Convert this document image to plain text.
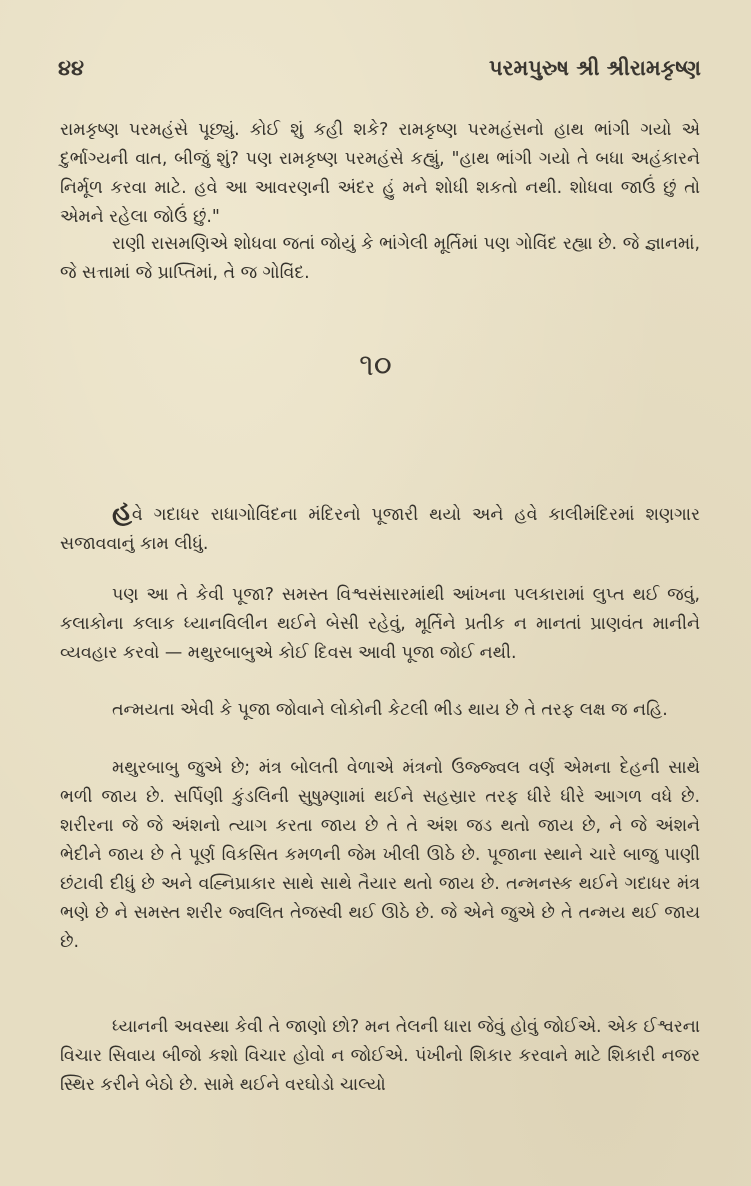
૪૪	પરમપુરુષ શ્રી શ્રીરામકૃષ્ણ

રામકૃષ્ણ પરમહંસે પૂછ્યું. કોઈ શું કહી શકે? રામકૃષ્ણ પરમહંસનો હાથ ભાંગી ગયો એ દુર્ભાગ્યની વાત, બીજું શું? પણ રામકૃષ્ણ પરમહંસે કહ્યું, "હાથ ભાંગી ગયો તે બધા અહંકારને નિર્મૂળ કરવા માટે. હવે આ આવરણની અંદર હું મને શોધી શકતો નથી. શોધવા જાઉં છું તો એમને રહેલા જોઉં છું."

રાણી રાસમણિએ શોધવા જતાં જોયું કે ભાંગેલી મૂર્તિમાં પણ ગોવિંદ રહ્યા છે. જે જ્ઞાનમાં, જે સત્તામાં જે પ્રાપ્તિમાં, તે જ ગોવિંદ.

૧૦

હવે ગદાધર રાધાગોવિંદના મંદિરનો પૂજારી થયો અને હવે કાલીમંદિરમાં શણગાર સજાવવાનું કામ લીધું.

પણ આ તે કેવી પૂજા? સમસ્ત વિશ્વસંસારમાંથી આંખના પલકારામાં લુપ્ત થઈ જવું, કલાકોના કલાક ધ્યાનવિલીન થઈને બેસી રહેવું, મૂર્તિને પ્રતીક ન માનતાં પ્રાણવંત માનીને વ્યવહાર કરવો — મથુરબાબુએ કોઈ દિવસ આવી પૂજા જોઈ નથી.

તન્મયતા એવી કે પૂજા જોવાને લોકોની કેટલી ભીડ થાય છે તે તરફ લક્ષ જ નહિ.

મથુરબાબુ જુએ છે; મંત્ર બોલતી વેળાએ મંત્રનો ઉજ્જ્વલ વર્ણ એમના દેહની સાથે ભળી જાય છે. સર્પિણી કુંડલિની સુષુમ્ણામાં થઈને સહસ્રાર તરફ ધીરે ધીરે આગળ વધે છે. શરીરના જે જે અંશનો ત્યાગ કરતા જાય છે તે તે અંશ જડ થતો જાય છે, ને જે અંશને ભેદીને જાય છે તે પૂર્ણ વિકસિત કમળની જેમ ખીલી ઊઠે છે. પૂજાના સ્થાને ચારે બાજુ પાણી છંટાવી દીધું છે અને વહ્નિપ્રાકાર સાથે સાથે તૈયાર થતો જાય છે. તન્મનસ્ક થઈને ગદાધર મંત્ર ભણે છે ને સમસ્ત શરીર જ્વલિત તેજસ્વી થઈ ઊઠે છે. જે એને જુએ છે તે તન્મય થઈ જાય છે.

ધ્યાનની અવસ્થા કેવી તે જાણો છો? મન તેલની ધારા જેવું હોવું જોઈએ. એક ઈશ્વરના વિચાર સિવાય બીજો કશો વિચાર હોવો ન જોઈએ. પંખીનો શિકાર કરવાને માટે શિકારી નજર સ્થિર કરીને બેઠો છે. સામે થઈને વરઘોડો ચાલ્યો
